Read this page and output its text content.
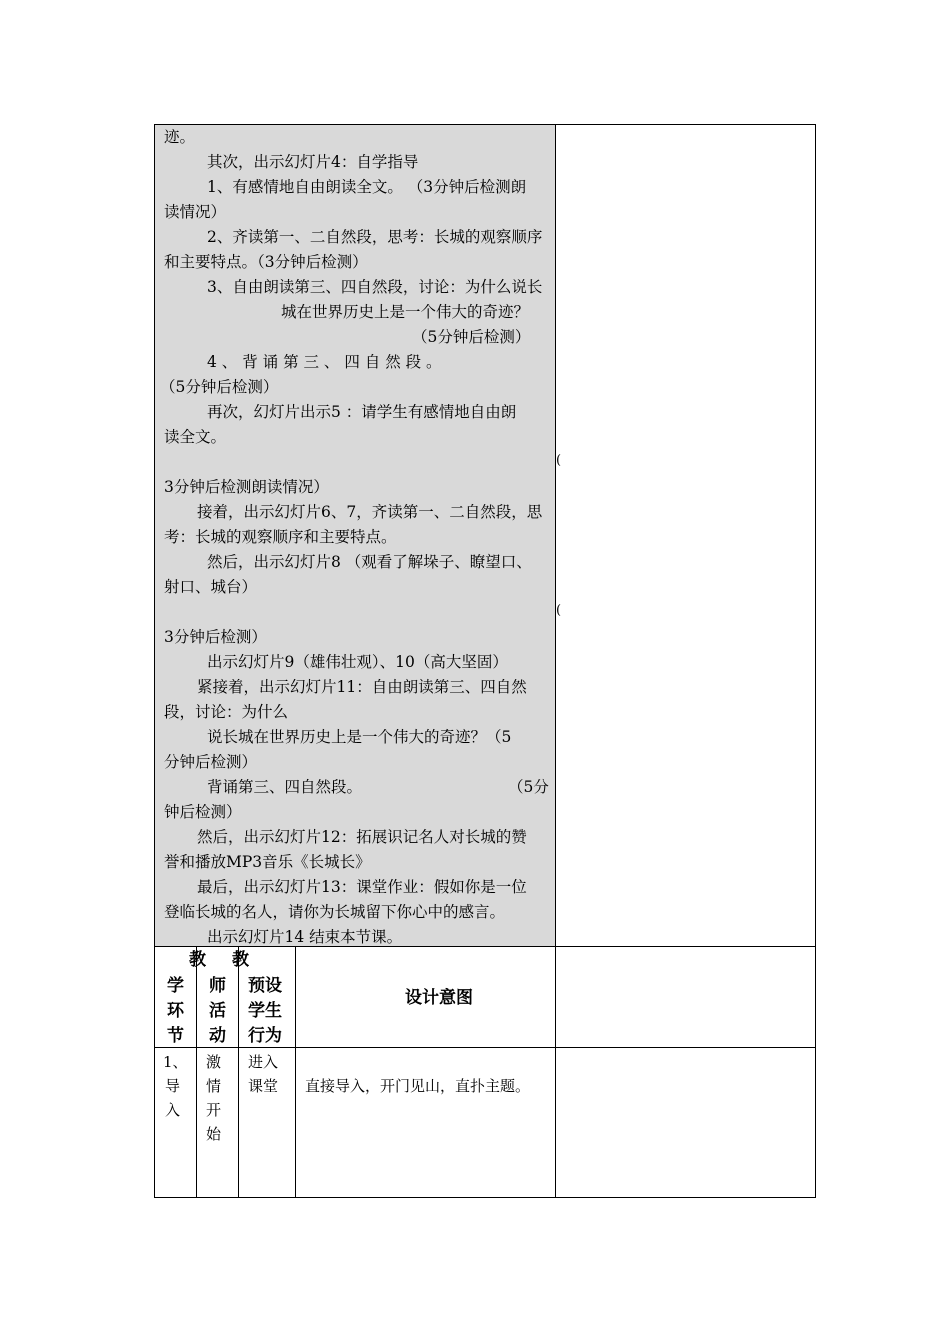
迹。
其次，出示幻灯片4：自学指导
1、有感情地自由朗读全文。 （3分钟后检测朗
读情况）
2、齐读第一、二自然段，思考：长城的观察顺序
和主要特点。（3分钟后检测）
3、自由朗读第三、四自然段，讨论：为什么说长
城在世界历史上是一个伟大的奇迹？
（5分钟后检测）
4 、 背 诵 第 三 、 四 自 然 段 。
（5分钟后检测）
再次，幻灯片出示5 ：请学生有感情地自由朗
读全文。
3分钟后检测朗读情况）
接着，出示幻灯片6、7，齐读第一、二自然段，思
考：长城的观察顺序和主要特点。
然后，出示幻灯片8 （观看了解垛子、瞭望口、
射口、城台）
3分钟后检测）
出示幻灯片9（雄伟壮观）、10（高大坚固）
紧接着，出示幻灯片11：自由朗读第三、四自然
段，讨论：为什么
说长城在世界历史上是一个伟大的奇迹？（5
分钟后检测）
背诵第三、四自然段。	（5分
钟后检测）
然后，出示幻灯片12：拓展识记名人对长城的赞
誉和播放MP3音乐《长城长》
最后，出示幻灯片13：课堂作业：假如你是一位
登临长城的名人，请你为长城留下你心中的感言。
出示幻灯片14 结束本节课。
(
(
教 教
学
环
节
师
活
动
预设
学生
行为
设计意图
1、
导
入
激
情
开
始
进入
课堂 直接导入，开门见山，直扑主题。
